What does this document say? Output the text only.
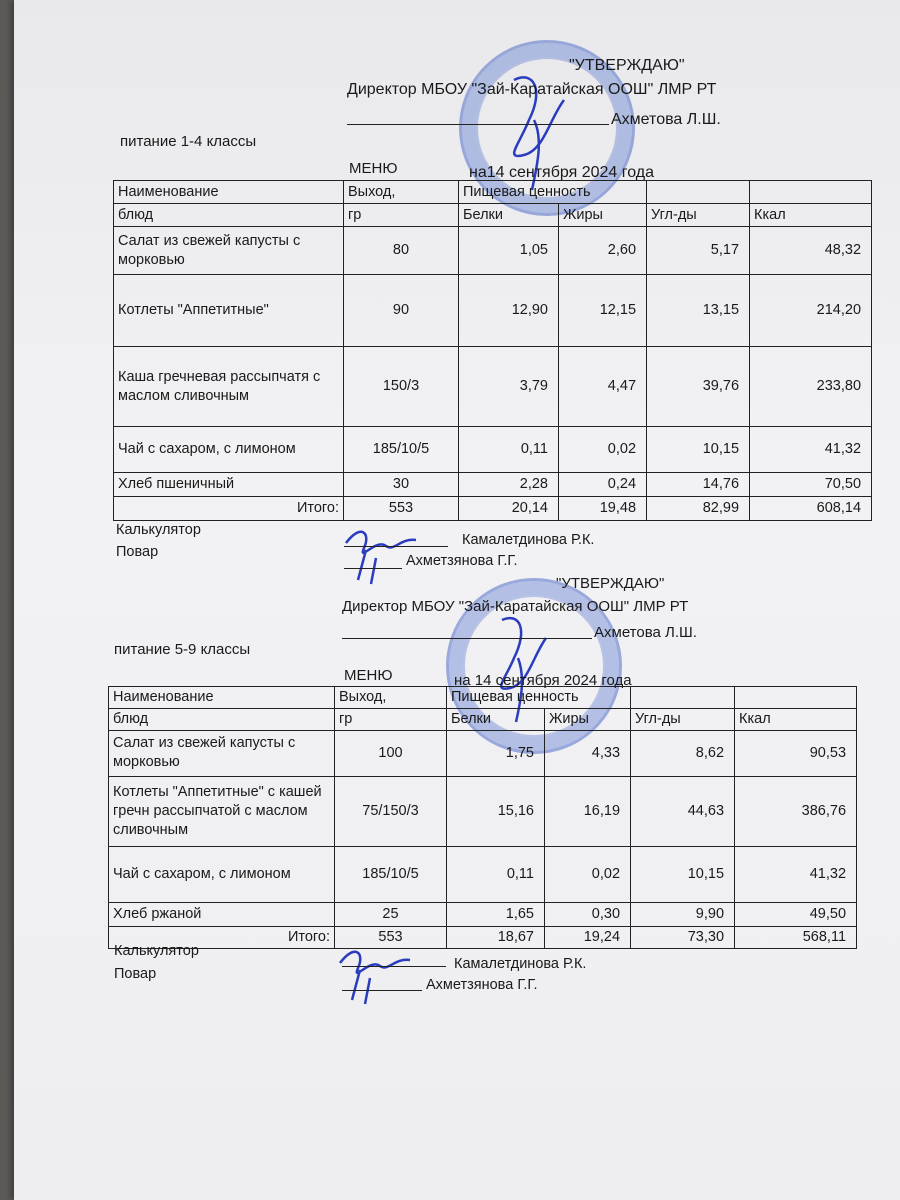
"УТВЕРЖДАЮ"
Директор МБОУ "Зай-Каратайская ООШ" ЛМР РТ
Ахметова Л.Ш.
питание 1-4 классы
МЕНЮ	на14 сентября 2024 года
Наименование	Выход,	Пищевая ценность			
блюд	гр	Белки	Жиры	Угл-ды	Ккал
Салат из свежей капусты с морковью	80	1,05	2,60	5,17	48,32
Котлеты "Аппетитные"	90	12,90	12,15	13,15	214,20
Каша гречневая рассыпчатя с маслом сливочным	150/3	3,79	4,47	39,76	233,80
Чай с сахаром, с лимоном	185/10/5	0,11	0,02	10,15	41,32
Хлеб пшеничный	30	2,28	0,24	14,76	70,50
Итого:	553	20,14	19,48	82,99	608,14
Калькулятор
Камалетдинова Р.К.
Повар
Ахметзянова Г.Г.
"УТВЕРЖДАЮ"
Директор МБОУ "Зай-Каратайская ООШ" ЛМР РТ
Ахметова Л.Ш.
питание 5-9 классы
МЕНЮ	на 14 сентября 2024 года
Наименование	Выход,	Пищевая ценность			
блюд	гр	Белки	Жиры	Угл-ды	Ккал
Салат из свежей капусты с морковью	100	1,75	4,33	8,62	90,53
Котлеты "Аппетитные" с кашей гречн рассыпчатой с маслом сливочным	75/150/3	15,16	16,19	44,63	386,76
Чай с сахаром, с лимоном	185/10/5	0,11	0,02	10,15	41,32
Хлеб ржаной	25	1,65	0,30	9,90	49,50
Итого:	553	18,67	19,24	73,30	568,11
Калькулятор
Камалетдинова Р.К.
Повар
Ахметзянова Г.Г.
